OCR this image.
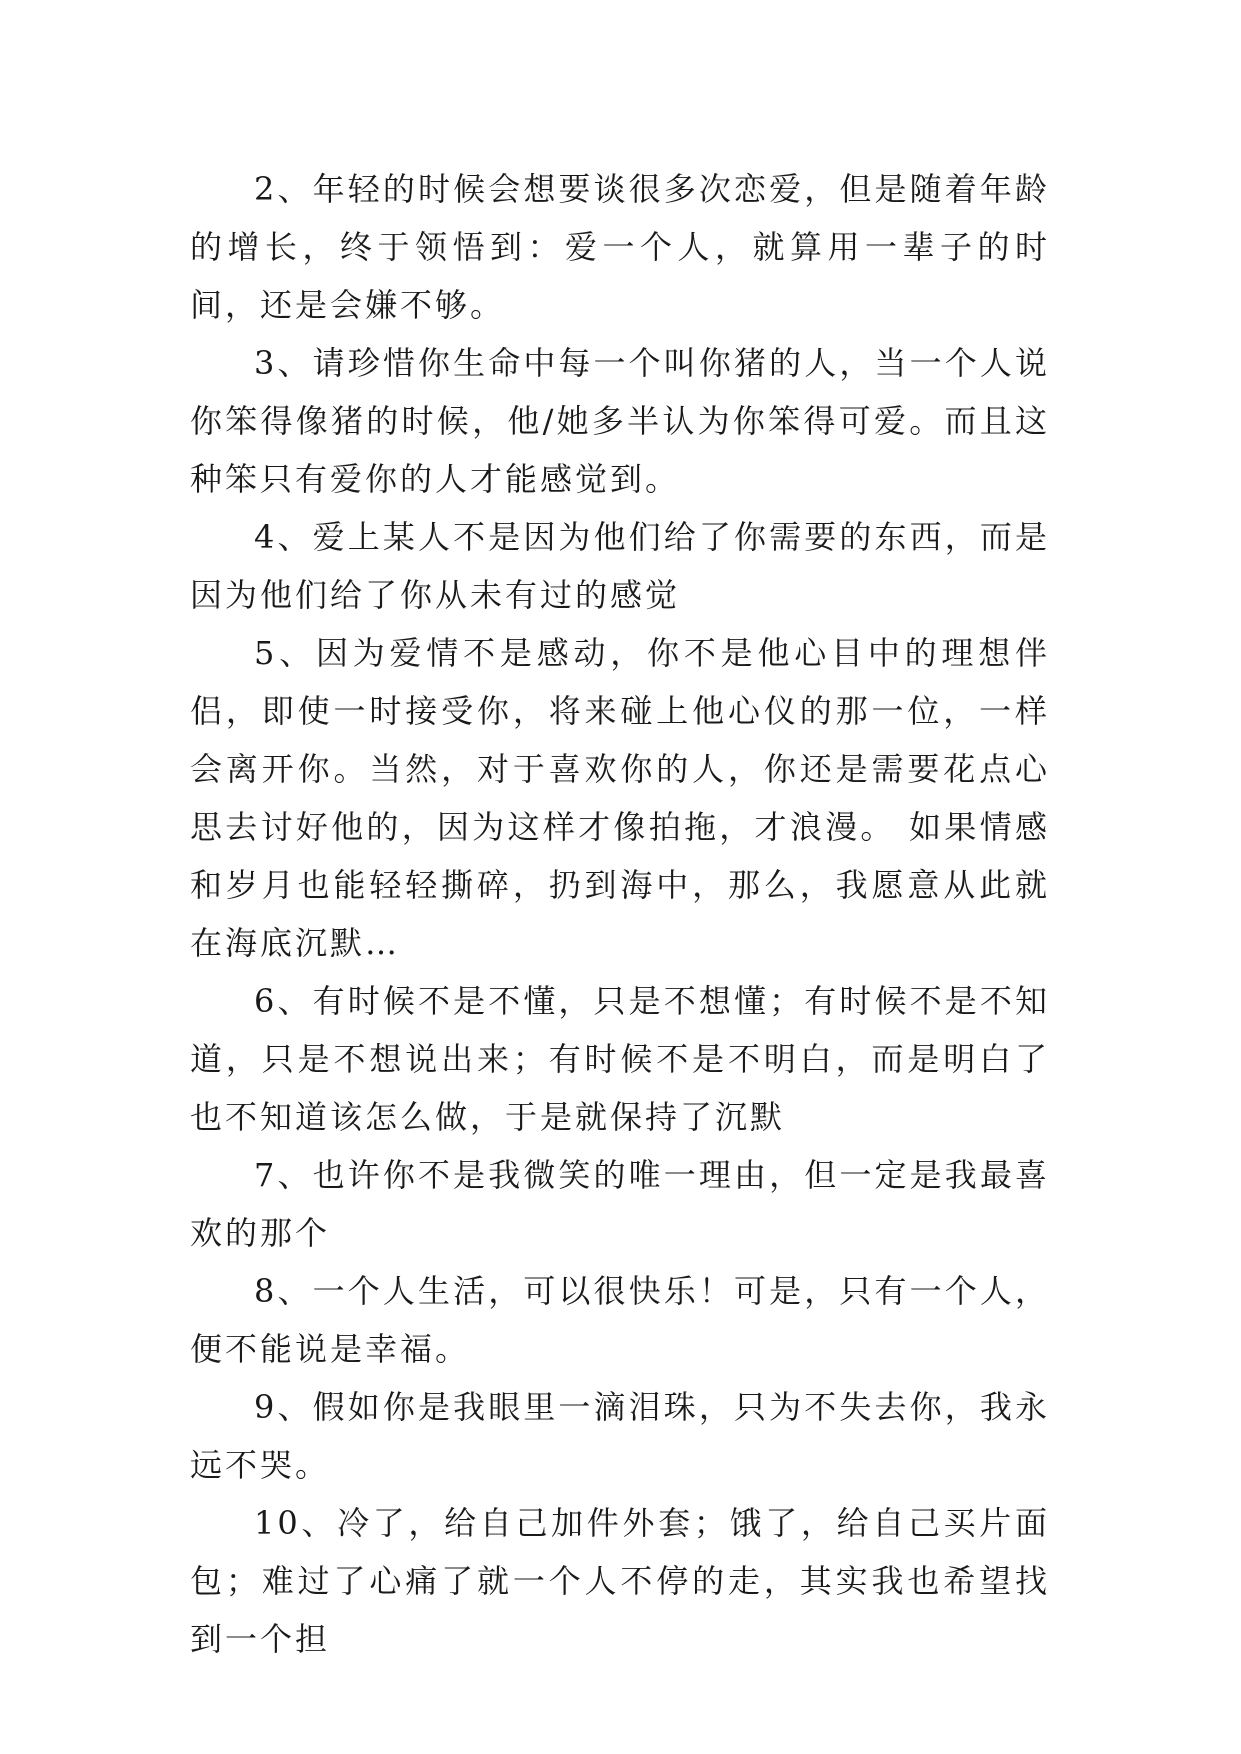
2、年轻的时候会想要谈很多次恋爱，但是随着年龄的增长，终于领悟到：爱一个人，就算用一辈子的时间，还是会嫌不够。

3、请珍惜你生命中每一个叫你猪的人，当一个人说你笨得像猪的时候，他/她多半认为你笨得可爱。而且这种笨只有爱你的人才能感觉到。

4、爱上某人不是因为他们给了你需要的东西，而是因为他们给了你从未有过的感觉

5、因为爱情不是感动，你不是他心目中的理想伴侣，即使一时接受你，将来碰上他心仪的那一位，一样会离开你。当然，对于喜欢你的人，你还是需要花点心思去讨好他的，因为这样才像拍拖，才浪漫。 如果情感和岁月也能轻轻撕碎，扔到海中，那么，我愿意从此就在海底沉默…

6、有时候不是不懂，只是不想懂；有时候不是不知道，只是不想说出来；有时候不是不明白，而是明白了也不知道该怎么做，于是就保持了沉默

7、也许你不是我微笑的唯一理由，但一定是我最喜欢的那个

8、一个人生活，可以很快乐！可是，只有一个人，便不能说是幸福。

9、假如你是我眼里一滴泪珠，只为不失去你，我永远不哭。

10、冷了，给自己加件外套；饿了，给自己买片面包；难过了心痛了就一个人不停的走，其实我也希望找到一个担
